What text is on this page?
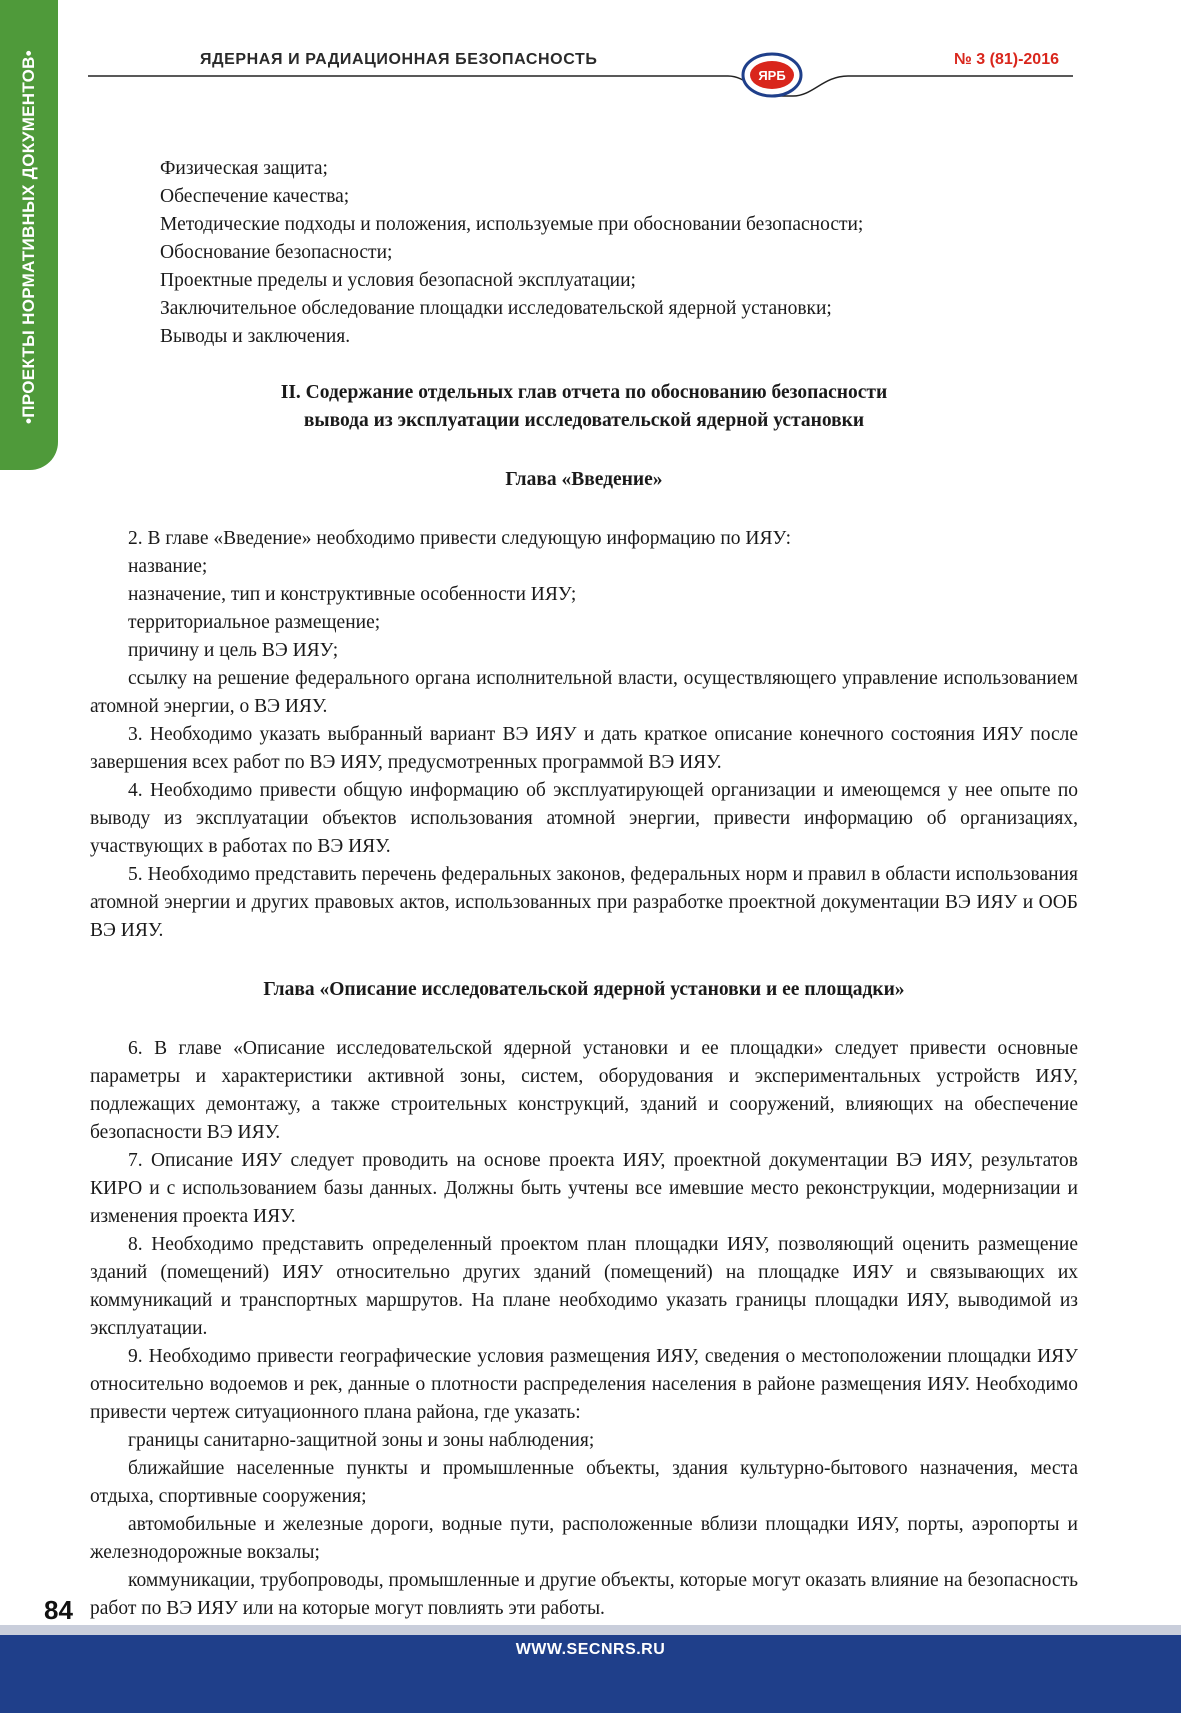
•ПРОЕКТЫ НОРМАТИВНЫХ ДОКУМЕНТОВ•	ЯДЕРНАЯ И РАДИАЦИОННАЯ БЕЗОПАСНОСТЬ	№ 3 (81)-2016
ЯРБ

Физическая защита;

Обеспечение качества;

Методические подходы и положения, используемые при обосновании безопасности;

Обоснование безопасности;

Проектные пределы и условия безопасной эксплуатации;

Заключительное обследование площадки исследовательской ядерной установки;

Выводы и заключения.

II. Содержание отдельных глав отчета по обоснованию безопасности

вывода из эксплуатации исследовательской ядерной установки

Глава «Введение»

2. В главе «Введение» необходимо привести следующую информацию по ИЯУ:

название;

назначение, тип и конструктивные особенности ИЯУ;

территориальное размещение;

причину и цель ВЭ ИЯУ;

ссылку на решение федерального органа исполнительной власти, осуществляющего управление использованием атомной энергии, о ВЭ ИЯУ.

3. Необходимо указать выбранный вариант ВЭ ИЯУ и дать краткое описание конечного состояния ИЯУ после завершения всех работ по ВЭ ИЯУ, предусмотренных программой ВЭ ИЯУ.

4. Необходимо привести общую информацию об эксплуатирующей организации и имеющемся у нее опыте по выводу из эксплуатации объектов использования атомной энергии, привести информацию об организациях, участвующих в работах по ВЭ ИЯУ.

5. Необходимо представить перечень федеральных законов, федеральных норм и правил в области использования атомной энергии и других правовых актов, использованных при разработке проектной документации ВЭ ИЯУ и ООБ ВЭ ИЯУ.

Глава «Описание исследовательской ядерной установки и ее площадки»

6. В главе «Описание исследовательской ядерной установки и ее площадки» следует привести основные параметры и характеристики активной зоны, систем, оборудования и экспериментальных устройств ИЯУ, подлежащих демонтажу, а также строительных конструкций, зданий и сооружений, влияющих на обеспечение безопасности ВЭ ИЯУ.

7. Описание ИЯУ следует проводить на основе проекта ИЯУ, проектной документации ВЭ ИЯУ, результатов КИРО и с использованием базы данных. Должны быть учтены все имевшие место реконструкции, модернизации и изменения проекта ИЯУ.

8. Необходимо представить определенный проектом план площадки ИЯУ, позволяющий оценить размещение зданий (помещений) ИЯУ относительно других зданий (помещений) на площадке ИЯУ и связывающих их коммуникаций и транспортных маршрутов. На плане необходимо указать границы площадки ИЯУ, выводимой из эксплуатации.

9. Необходимо привести географические условия размещения ИЯУ, сведения о местоположении площадки ИЯУ относительно водоемов и рек, данные о плотности распределения населения в районе размещения ИЯУ. Необходимо привести чертеж ситуационного плана района, где указать:

границы санитарно-защитной зоны и зоны наблюдения;

ближайшие населенные пункты и промышленные объекты, здания культурно-бытового назначения, места отдыха, спортивные сооружения;

автомобильные и железные дороги, водные пути, расположенные вблизи площадки ИЯУ, порты, аэропорты и железнодорожные вокзалы;

коммуникации, трубопроводы, промышленные и другие объекты, которые могут оказать влияние на безопасность работ по ВЭ ИЯУ или на которые могут повлиять эти работы.

84
WWW.SECNRS.RU
